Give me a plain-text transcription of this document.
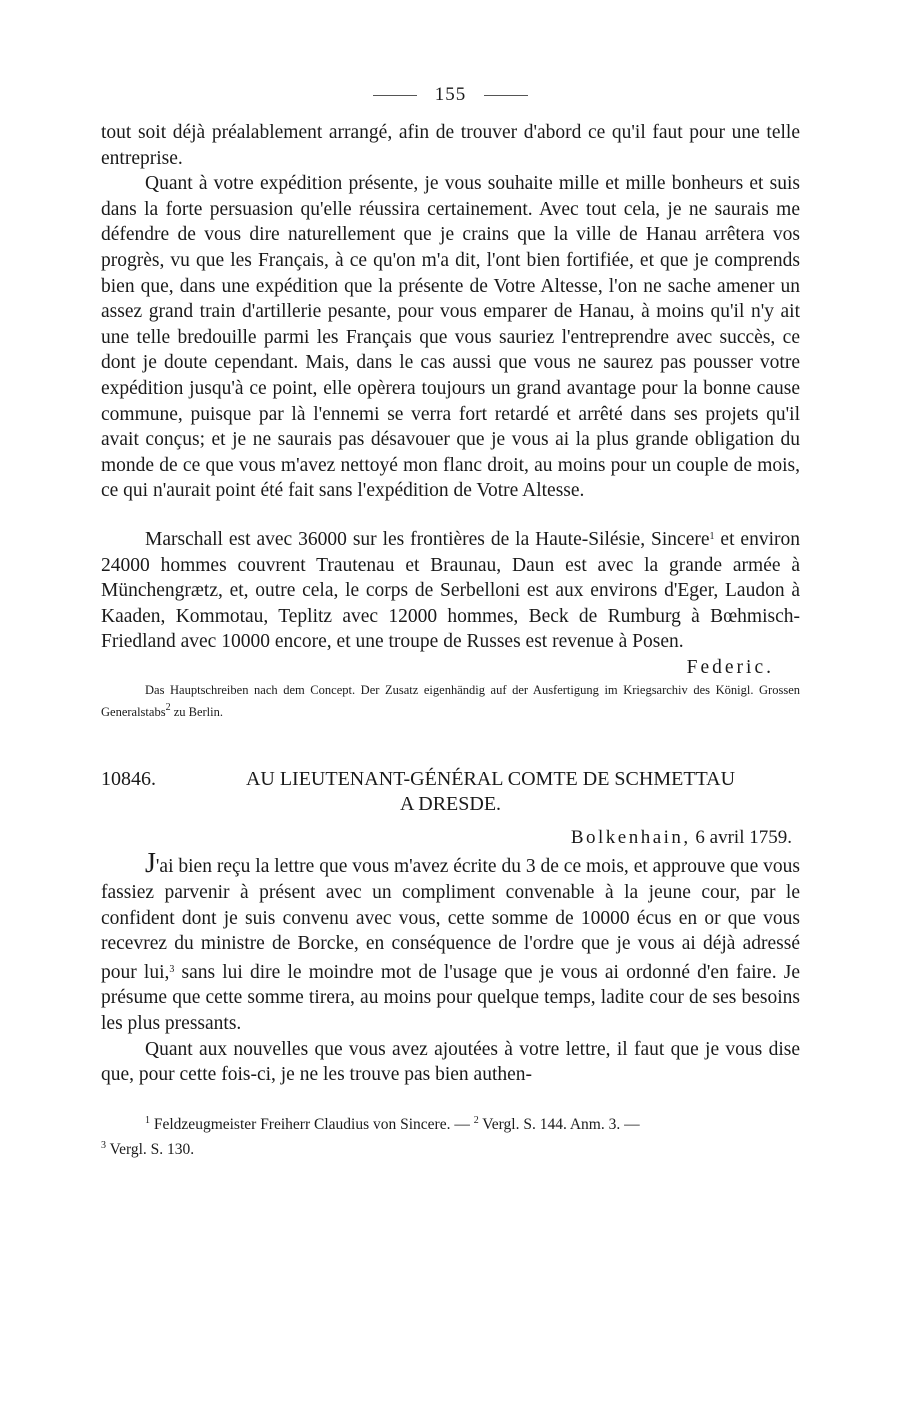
155

tout soit déjà préalablement arrangé, afin de trouver d'abord ce qu'il faut pour une telle entreprise.

Quant à votre expédition présente, je vous souhaite mille et mille bonheurs et suis dans la forte persuasion qu'elle réussira certainement. Avec tout cela, je ne saurais me défendre de vous dire naturellement que je crains que la ville de Hanau arrêtera vos progrès, vu que les Français, à ce qu'on m'a dit, l'ont bien fortifiée, et que je comprends bien que, dans une expédition que la présente de Votre Altesse, l'on ne sache amener un assez grand train d'artillerie pesante, pour vous emparer de Hanau, à moins qu'il n'y ait une telle bredouille parmi les Français que vous sauriez l'entreprendre avec succès, ce dont je doute cependant. Mais, dans le cas aussi que vous ne saurez pas pousser votre expédition jusqu'à ce point, elle opèrera toujours un grand avantage pour la bonne cause commune, puisque par là l'ennemi se verra fort retardé et arrêté dans ses projets qu'il avait conçus; et je ne saurais pas désavouer que je vous ai la plus grande obligation du monde de ce que vous m'avez nettoyé mon flanc droit, au moins pour un couple de mois, ce qui n'aurait point été fait sans l'expédition de Votre Altesse.

Marschall est avec 36000 sur les frontières de la Haute-Silésie, Sincere$^1$ et environ 24000 hommes couvrent Trautenau et Braunau, Daun est avec la grande armée à Münchengrætz, et, outre cela, le corps de Serbelloni est aux environs d'Eger, Laudon à Kaaden, Kommotau, Teplitz avec 12000 hommes, Beck de Rumburg à Bœhmisch-Friedland avec 10000 encore, et une troupe de Russes est revenue à Posen.

Federic.
Das Hauptschreiben nach dem Concept. Der Zusatz eigenhändig auf der Ausfertigung im Kriegsarchiv des Königl. Grossen Generalstabs$^2$ zu Berlin.
10846.	AU LIEUTENANT-GÉNÉRAL COMTE DE SCHMETTAU
A DRESDE.
Bolkenhain, 6 avril 1759.

J'ai bien reçu la lettre que vous m'avez écrite du 3 de ce mois, et approuve que vous fassiez parvenir à présent avec un compliment convenable à la jeune cour, par le confident dont je suis convenu avec vous, cette somme de 10000 écus en or que vous recevrez du ministre de Borcke, en conséquence de l'ordre que je vous ai déjà adressé pour lui,$^3$ sans lui dire le moindre mot de l'usage que je vous ai ordonné d'en faire. Je présume que cette somme tirera, au moins pour quelque temps, ladite cour de ses besoins les plus pressants.

Quant aux nouvelles que vous avez ajoutées à votre lettre, il faut que je vous dise que, pour cette fois-ci, je ne les trouve pas bien authen-

$^1$ Feldzeugmeister Freiherr Claudius von Sincere. — $^2$ Vergl. S. 144. Anm. 3. —
$^3$ Vergl. S. 130.
